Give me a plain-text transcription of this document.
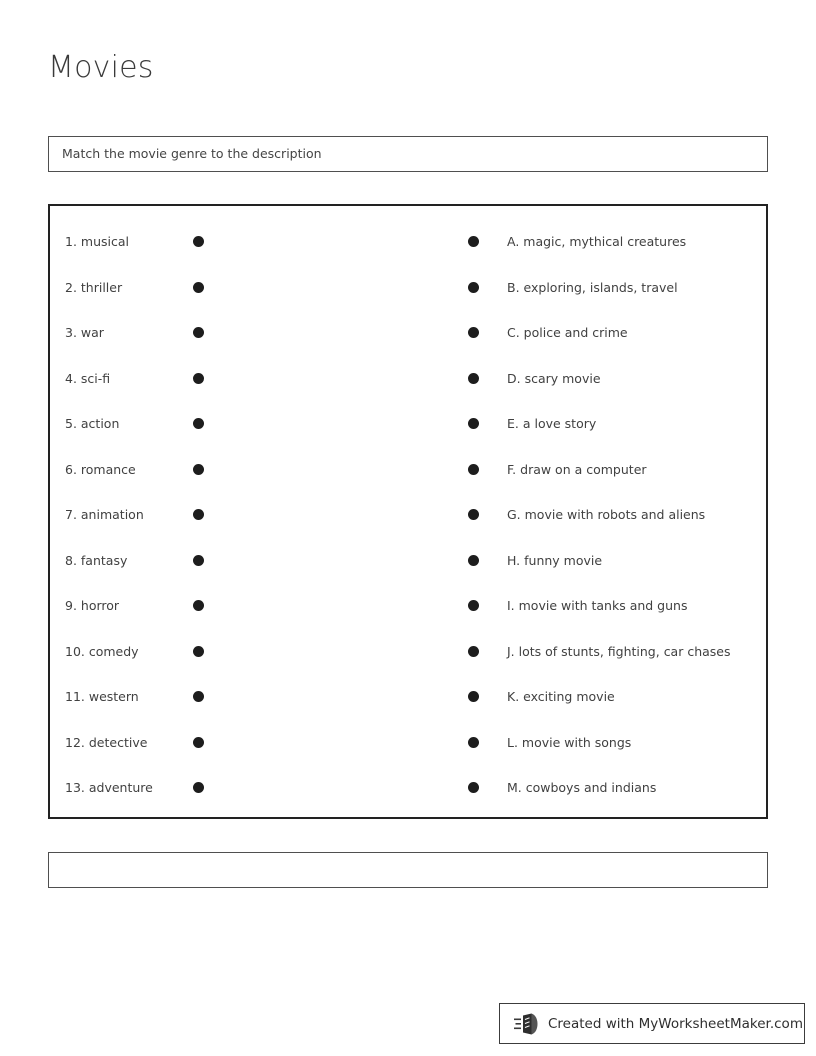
Movies
Match the movie genre to the description
1. musical	A. magic, mythical creatures
2. thriller	B. exploring, islands, travel
3. war	C. police and crime
4. sci-fi	D. scary movie
5. action	E. a love story
6. romance	F. draw on a computer
7. animation	G. movie with robots and aliens
8. fantasy	H. funny movie
9. horror	I. movie with tanks and guns
10. comedy	J. lots of stunts, fighting, car chases
11. western	K. exciting movie
12. detective	L. movie with songs
13. adventure	M. cowboys and indians
Created with MyWorksheetMaker.com
